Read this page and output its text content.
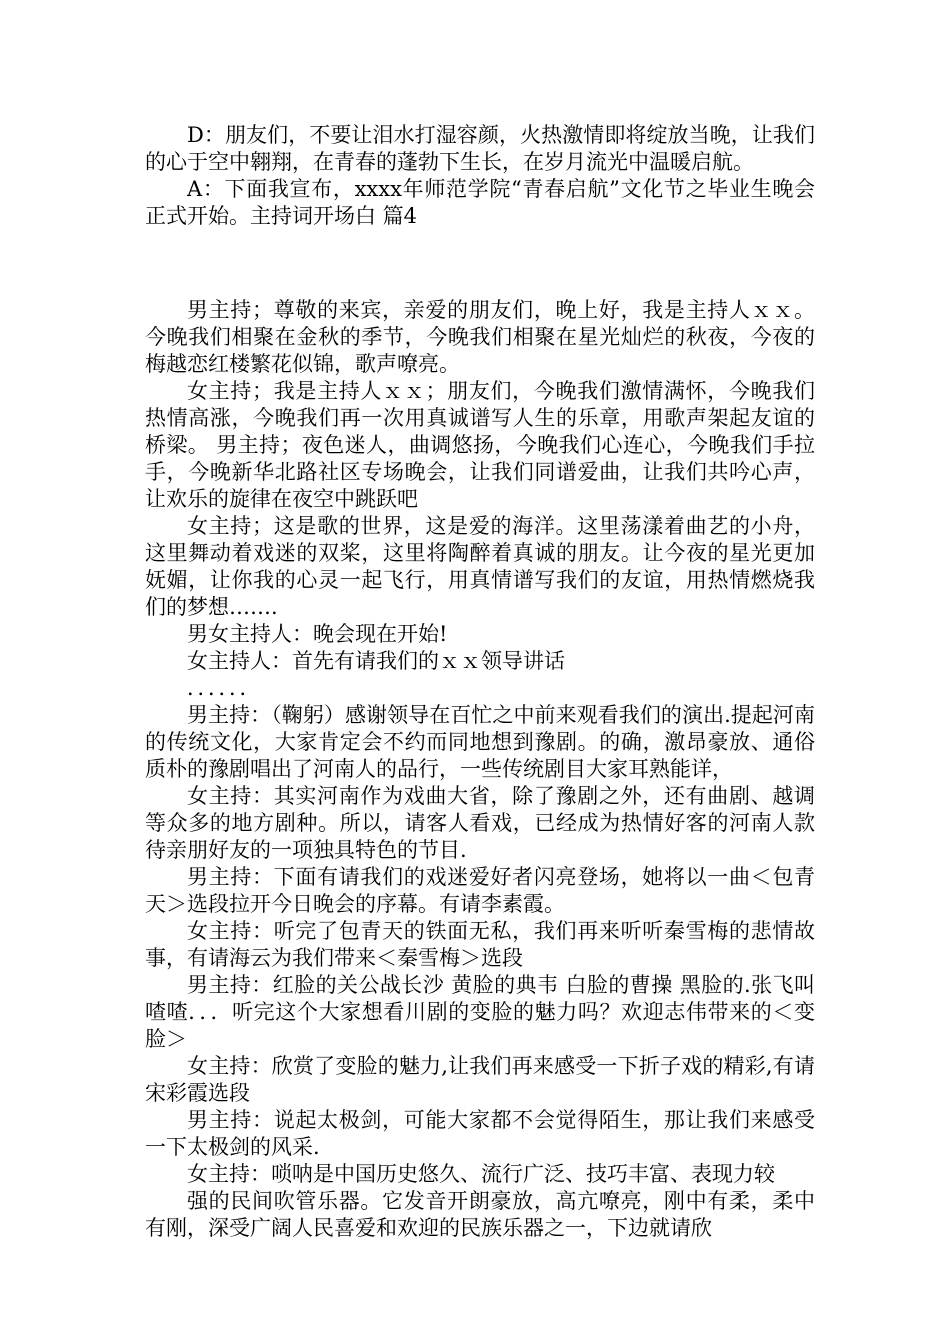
D：朋友们，不要让泪水打湿容颜，火热激情即将绽放当晚，让我们的心于空中翱翔，在青春的蓬勃下生长，在岁月流光中温暖启航。

A：下面我宣布，xxxx年师范学院“青春启航”文化节之毕业生晚会正式开始。主持词开场白 篇4

男主持；尊敬的来宾，亲爱的朋友们，晚上好，我是主持人ｘｘ。今晚我们相聚在金秋的季节，今晚我们相聚在星光灿烂的秋夜，今夜的梅越恋红楼繁花似锦，歌声嘹亮。

女主持；我是主持人ｘｘ；朋友们，今晚我们激情满怀，今晚我们热情高涨，今晚我们再一次用真诚谱写人生的乐章，用歌声架起友谊的桥梁。 男主持；夜色迷人，曲调悠扬，今晚我们心连心，今晚我们手拉手，今晚新华北路社区专场晚会，让我们同谱爱曲，让我们共吟心声，让欢乐的旋律在夜空中跳跃吧

女主持；这是歌的世界，这是爱的海洋。这里荡漾着曲艺的小舟，这里舞动着戏迷的双桨，这里将陶醉着真诚的朋友。让今夜的星光更加妩媚，让你我的心灵一起飞行，用真情谱写我们的友谊，用热情燃烧我们的梦想…….

男女主持人：晚会现在开始!

女主持人：首先有请我们的ｘｘ领导讲话

．．．．．．

男主持：（鞠躬）感谢领导在百忙之中前来观看我们的演出.提起河南的传统文化，大家肯定会不约而同地想到豫剧。的确，激昂豪放、通俗质朴的豫剧唱出了河南人的品行，一些传统剧目大家耳熟能详，

女主持：其实河南作为戏曲大省，除了豫剧之外，还有曲剧、越调等众多的地方剧种。所以，请客人看戏，已经成为热情好客的河南人款待亲朋好友的一项独具特色的节目.

男主持：下面有请我们的戏迷爱好者闪亮登场，她将以一曲＜包青天＞选段拉开今日晚会的序幕。有请李素霞。

女主持：听完了包青天的铁面无私，我们再来听听秦雪梅的悲情故事，有请海云为我们带来＜秦雪梅＞选段

男主持：红脸的关公战长沙 黄脸的典韦 白脸的曹操 黑脸的.张飞叫喳喳．．．听完这个大家想看川剧的变脸的魅力吗？欢迎志伟带来的＜变脸＞

女主持：欣赏了变脸的魅力,让我们再来感受一下折子戏的精彩,有请宋彩霞选段

男主持：说起太极剑，可能大家都不会觉得陌生，那让我们来感受一下太极剑的风采.

女主持：唢呐是中国历史悠久、流行广泛、技巧丰富、表现力较

强的民间吹管乐器。它发音开朗豪放，高亢嘹亮，刚中有柔，柔中有刚，深受广阔人民喜爱和欢迎的民族乐器之一，下边就请欣
